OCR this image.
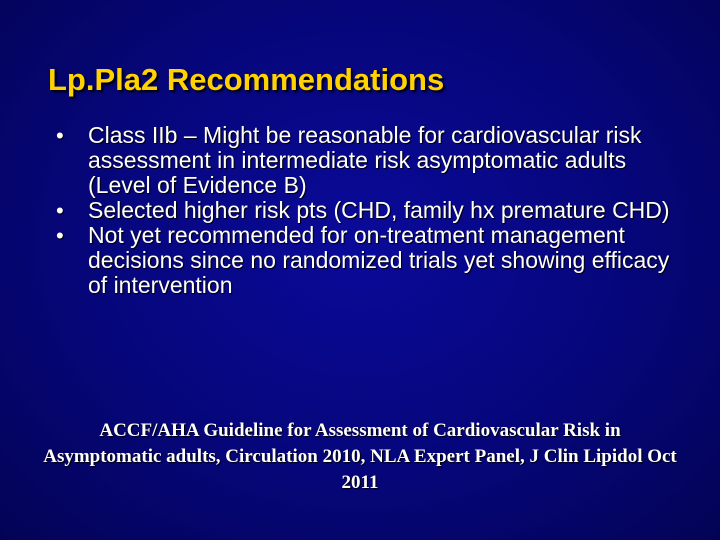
Lp.Pla2 Recommendations
•	Class IIb – Might be reasonable for cardiovascular risk assessment in intermediate risk asymptomatic adults (Level of Evidence B)
•	Selected higher risk pts (CHD, family hx premature CHD)
•	Not yet recommended for on-treatment management decisions since no randomized trials yet showing efficacy of intervention

ACCF/AHA Guideline for Assessment of Cardiovascular Risk in Asymptomatic adults, Circulation 2010, NLA Expert Panel, J Clin Lipidol Oct 2011
